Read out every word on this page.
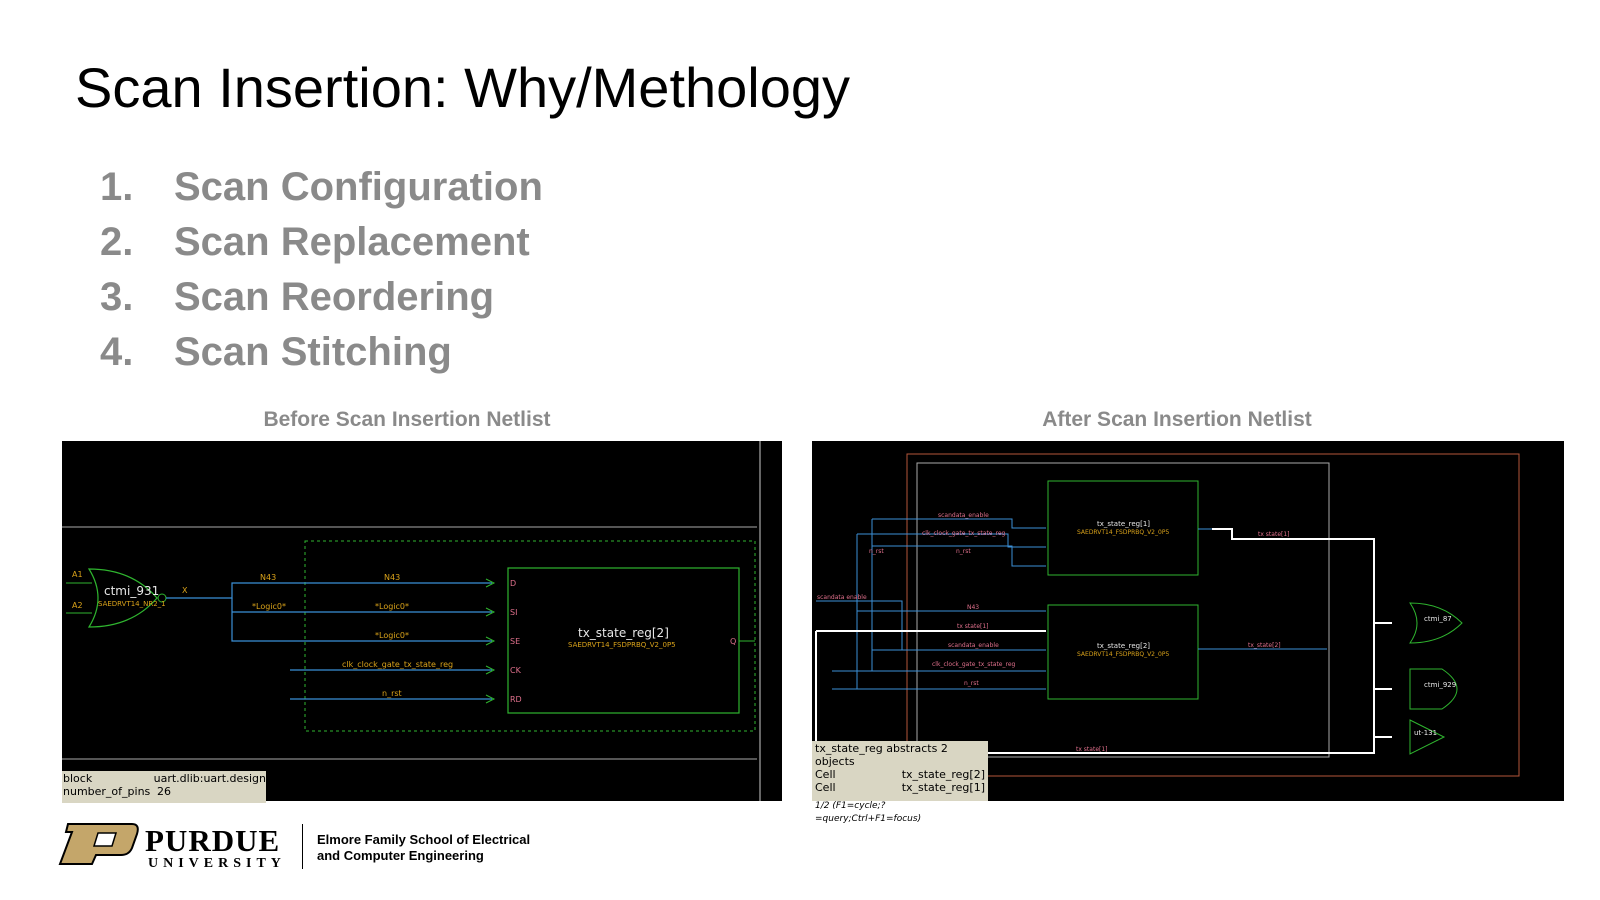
Scan Insertion: Why/Methology
1.	Scan Configuration
2.	Scan Replacement
3.	Scan Reordering
4.	Scan Stitching
Before Scan Insertion Netlist	After Scan Insertion Netlist
A1
A2
ctmi_931
SAEDRVT14_NR2_1
X
N43	N43
*Logic0*	*Logic0*
*Logic0*
clk_clock_gate_tx_state_reg
n_rst
D
SI
SE
CK
RD
Q
tx_state_reg[2]
SAEDRVT14_FSDPRBQ_V2_0P5
block	uart.dlib:uart.design
number_of_pins 26
tx_state_reg[1]
SAEDRVT14_FSDPRBQ_V2_0P5
tx_state_reg[2]
SAEDRVT14_FSDPRBQ_V2_0P5
scandata_enable
clk_clock_gate_tx_state_reg
n_rst
n_rst
scandata enable
N43
tx state[1]
scandata_enable
clk_clock_gate_tx_state_reg
n_rst
tx state[1]
tx_state[2]
tx state[1]
ctmi_87
ctmi_929
ut-131
tx_state_reg abstracts 2 objects
Cell	tx_state_reg[2]
Cell	tx_state_reg[1]
1/2 (F1=cycle;?=query;Ctrl+F1=focus)
PURDUE
UNIVERSITY
Elmore Family School of Electrical
and Computer Engineering
